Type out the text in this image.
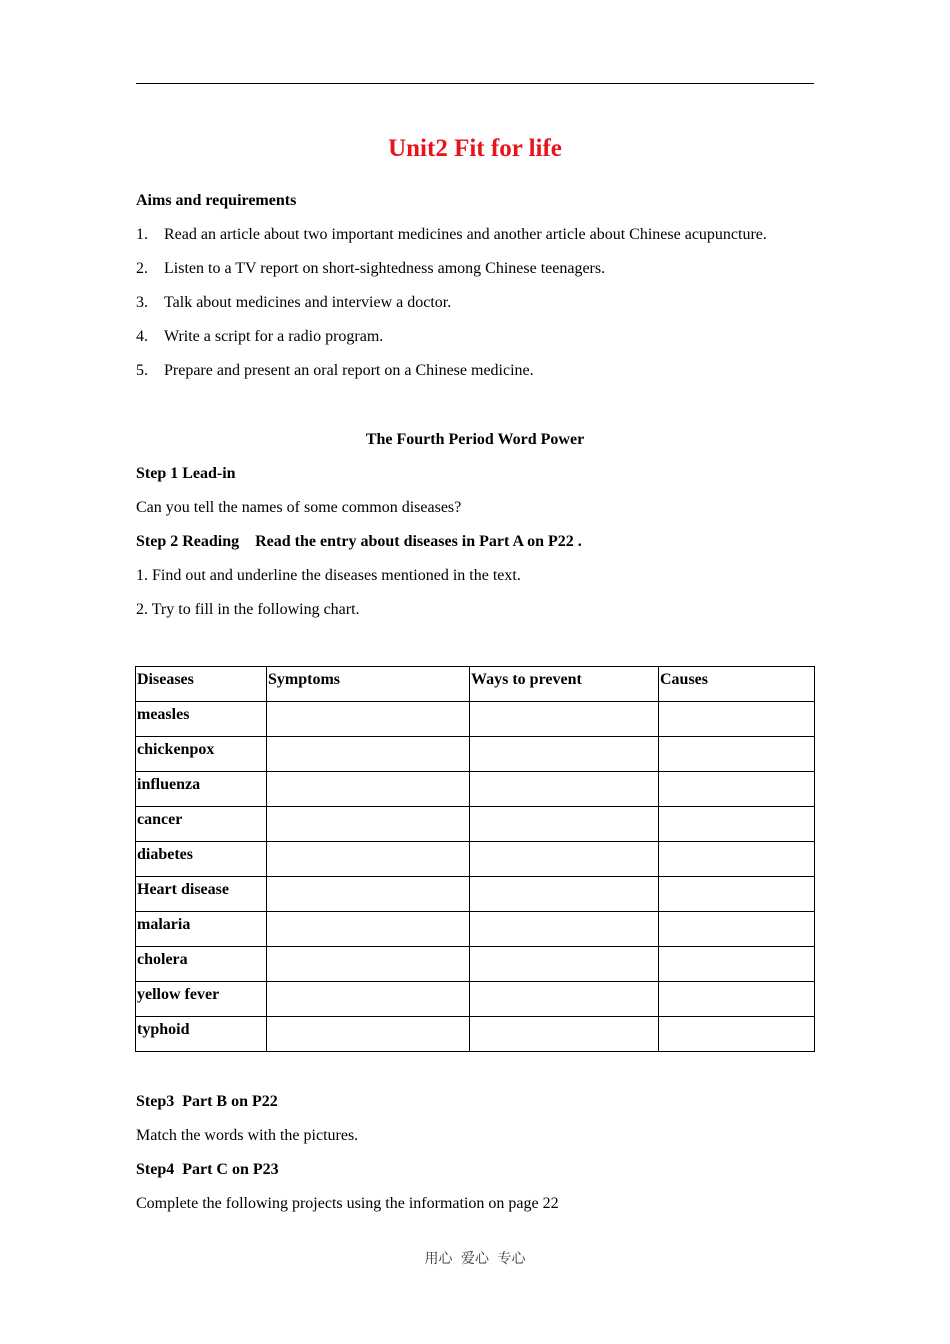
Unit2 Fit for life
Aims and requirements
1. Read an article about two important medicines and another article about Chinese acupuncture.
2. Listen to a TV report on short-sightedness among Chinese teenagers.
3. Talk about medicines and interview a doctor.
4. Write a script for a radio program.
5. Prepare and present an oral report on a Chinese medicine.
The Fourth Period Word Power
Step 1 Lead-in
Can you tell the names of some common diseases?
Step 2 Reading    Read the entry about diseases in Part A on P22 .
1. Find out and underline the diseases mentioned in the text.
2. Try to fill in the following chart.
Diseases	Symptoms	Ways to prevent	Causes
measles			
chickenpox			
influenza			
cancer			
diabetes			
Heart disease			
malaria			
cholera			
yellow fever			
typhoid			
Step3  Part B on P22
Match the words with the pictures.
Step4  Part C on P23
Complete the following projects using the information on page 22
用心 爱心 专心
